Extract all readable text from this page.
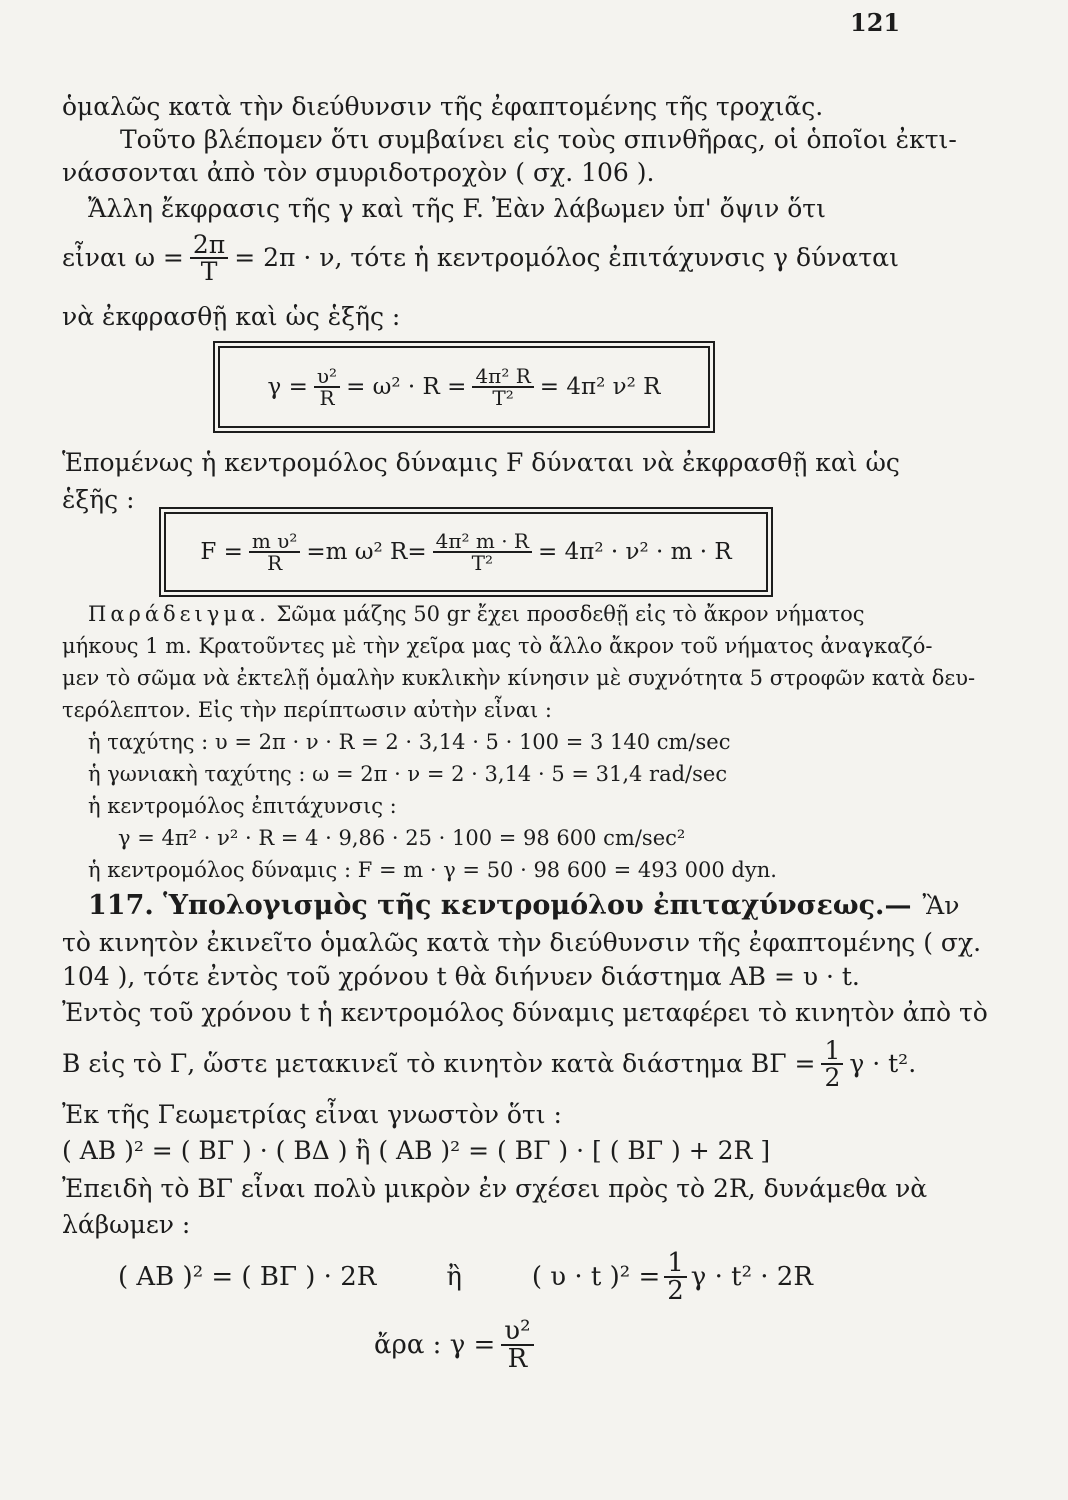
121
ὁμαλῶς κατὰ τὴν διεύθυνσιν τῆς ἐφαπτομένης τῆς τροχιᾶς.
Τοῦτο βλέπομεν ὅτι συμβαίνει εἰς τοὺς σπινθῆρας, οἱ ὁποῖοι ἐκτι-
νάσσονται ἀπὸ τὸν σμυριδοτροχὸν ( σχ. 106 ).
Ἄλλη ἔκφρασις τῆς γ καὶ τῆς F. Ἐὰν λάβωμεν ὑπ' ὄψιν ὅτι
εἶναι $\omega = \frac{2\pi}{T} = 2\pi \cdot \nu$, τότε ἡ κεντρομόλος ἐπιτάχυνσις γ δύναται
νὰ ἐκφρασθῇ καὶ ὡς ἑξῆς :
$\gamma = \frac{\text{υ²}}{R} = \omega^2 \cdot R = \frac{\text{4π² R}}{\text{T²}} = 4\pi^2$ ν² R
Ἑπομένως ἡ κεντρομόλος δύναμις F δύναται νὰ ἐκφρασθῇ καὶ ὡς
ἑξῆς :
$F = \frac{\text{m υ²}}{R} =m$ ω² $R= \frac{\text{4π² m · R}}{\text{T²}} = 4\pi^2 \cdot \nu^2 \cdot m \cdot R$
Παράδειγμα. Σῶμα μάζης 50 gr ἔχει προσδεθῇ εἰς τὸ ἄκρον νήματος
μήκους 1 m. Κρατοῦντες μὲ τὴν χεῖρα μας τὸ ἄλλο ἄκρον τοῦ νήματος ἀναγκαζό-
μεν τὸ σῶμα νὰ ἐκτελῇ ὁμαλὴν κυκλικὴν κίνησιν μὲ συχνότητα 5 στροφῶν κατὰ δευ-
τερόλεπτον. Εἰς τὴν περίπτωσιν αὐτὴν εἶναι :
ἡ ταχύτης : υ = 2π · ν · R = 2 · 3,14 · 5 · 100 = 3 140 cm/sec
ἡ γωνιακὴ ταχύτης : ω = 2π · ν = 2 · 3,14 · 5 = 31,4 rad/sec
ἡ κεντρομόλος ἐπιτάχυνσις :
γ = 4π² · ν² · R = 4 · 9,86 · 25 · 100 = 98 600 cm/sec²
ἡ κεντρομόλος δύναμις : F = m · γ = 50 · 98 600 = 493 000 dyn.
117. Ὑπολογισμὸς τῆς κεντρομόλου ἐπιταχύνσεως.— Ἂν
τὸ κινητὸν ἐκινεῖτο ὁμαλῶς κατὰ τὴν διεύθυνσιν τῆς ἐφαπτομένης ( σχ.
104 ), τότε ἐντὸς τοῦ χρόνου t θὰ διήνυεν διάστημα AB = υ · t.
Ἐντὸς τοῦ χρόνου t ἡ κεντρομόλος δύναμις μεταφέρει τὸ κινητὸν ἀπὸ τὸ
B εἰς τὸ Γ, ὥστε μετακινεῖ τὸ κινητὸν κατὰ διάστημα $B\Gamma = \frac{1}{2}$ γ · t².
Ἐκ τῆς Γεωμετρίας εἶναι γνωστὸν ὅτι :
( ΑΒ )² = ( ΒΓ ) · ( ΒΔ ) ἢ ( ΑΒ )² = ( ΒΓ ) · [ ( ΒΓ ) + 2R ]
Ἐπειδὴ τὸ ΒΓ εἶναι πολὺ μικρὸν ἐν σχέσει πρὸς τὸ 2R, δυνάμεθα νὰ
λάβωμεν :
( ΑΒ )² = ( ΒΓ ) · 2R	ἢ	( υ · t )$^2 = \frac{1}{2}$ γ · t² · 2R
ἄρα : $\gamma = \frac{\text{υ²}}{R}$
